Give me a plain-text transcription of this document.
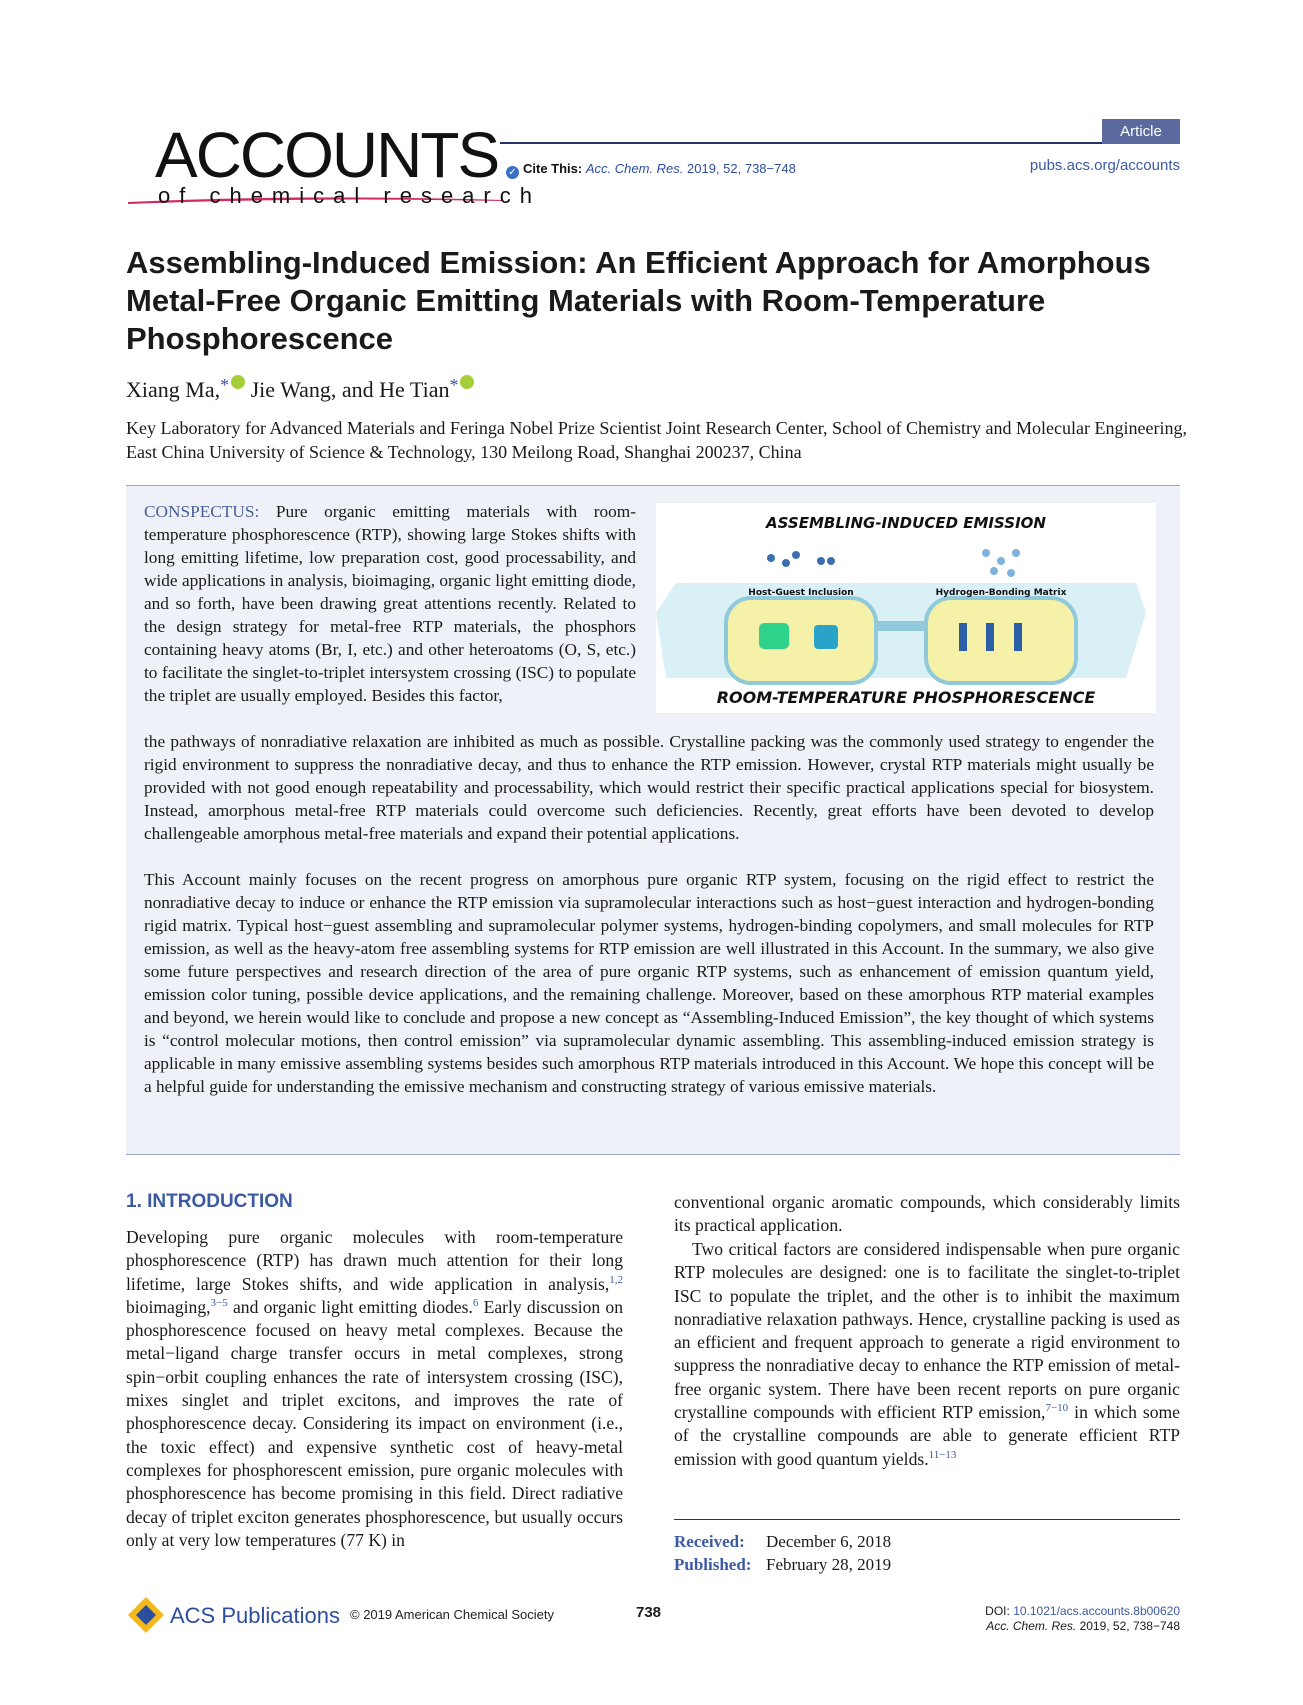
ACCOUNTS
of chemical research
Article
✓ Cite This: Acc. Chem. Res. 2019, 52, 738−748	pubs.acs.org/accounts
Assembling-Induced Emission: An Efficient Approach for Amorphous Metal-Free Organic Emitting Materials with Room-Temperature Phosphorescence
Xiang Ma,* Jie Wang, and He Tian*

Key Laboratory for Advanced Materials and Feringa Nobel Prize Scientist Joint Research Center, School of Chemistry and Molecular Engineering, East China University of Science & Technology, 130 Meilong Road, Shanghai 200237, China

CONSPECTUS: Pure organic emitting materials with room-temperature phosphorescence (RTP), showing large Stokes shifts with long emitting lifetime, low preparation cost, good processability, and wide applications in analysis, bioimaging, organic light emitting diode, and so forth, have been drawing great attentions recently. Related to the design strategy for metal-free RTP materials, the phosphors containing heavy atoms (Br, I, etc.) and other heteroatoms (O, S, etc.) to facilitate the singlet-to-triplet intersystem crossing (ISC) to populate the triplet are usually employed. Besides this factor,

ASSEMBLING-INDUCED EMISSION
Host-Guest Inclusion	Hydrogen-Bonding Matrix
ROOM-TEMPERATURE PHOSPHORESCENCE

the pathways of nonradiative relaxation are inhibited as much as possible. Crystalline packing was the commonly used strategy to engender the rigid environment to suppress the nonradiative decay, and thus to enhance the RTP emission. However, crystal RTP materials might usually be provided with not good enough repeatability and processability, which would restrict their specific practical applications special for biosystem. Instead, amorphous metal-free RTP materials could overcome such deficiencies. Recently, great efforts have been devoted to develop challengeable amorphous metal-free materials and expand their potential applications.

This Account mainly focuses on the recent progress on amorphous pure organic RTP system, focusing on the rigid effect to restrict the nonradiative decay to induce or enhance the RTP emission via supramolecular interactions such as host−guest interaction and hydrogen-bonding rigid matrix. Typical host−guest assembling and supramolecular polymer systems, hydrogen-binding copolymers, and small molecules for RTP emission, as well as the heavy-atom free assembling systems for RTP emission are well illustrated in this Account. In the summary, we also give some future perspectives and research direction of the area of pure organic RTP systems, such as enhancement of emission quantum yield, emission color tuning, possible device applications, and the remaining challenge. Moreover, based on these amorphous RTP material examples and beyond, we herein would like to conclude and propose a new concept as “Assembling-Induced Emission”, the key thought of which systems is “control molecular motions, then control emission” via supramolecular dynamic assembling. This assembling-induced emission strategy is applicable in many emissive assembling systems besides such amorphous RTP materials introduced in this Account. We hope this concept will be a helpful guide for understanding the emissive mechanism and constructing strategy of various emissive materials.

1. INTRODUCTION

Developing pure organic molecules with room-temperature phosphorescence (RTP) has drawn much attention for their long lifetime, large Stokes shifts, and wide application in analysis,$^{1,2}$ bioimaging,$^{3-5}$ and organic light emitting diodes.$^6$ Early discussion on phosphorescence focused on heavy metal complexes. Because the metal−ligand charge transfer occurs in metal complexes, strong spin−orbit coupling enhances the rate of intersystem crossing (ISC), mixes singlet and triplet excitons, and improves the rate of phosphorescence decay. Considering its impact on environment (i.e., the toxic effect) and expensive synthetic cost of heavy-metal complexes for phosphorescent emission, pure organic molecules with phosphorescence has become promising in this field. Direct radiative decay of triplet exciton generates phosphorescence, but usually occurs only at very low temperatures (77 K) in

conventional organic aromatic compounds, which considerably limits its practical application.

Two critical factors are considered indispensable when pure organic RTP molecules are designed: one is to facilitate the singlet-to-triplet ISC to populate the triplet, and the other is to inhibit the maximum nonradiative relaxation pathways. Hence, crystalline packing is used as an efficient and frequent approach to generate a rigid environment to suppress the nonradiative decay to enhance the RTP emission of metal-free organic system. There have been recent reports on pure organic crystalline compounds with efficient RTP emission,$^{7-10}$ in which some of the crystalline compounds are able to generate efficient RTP emission with good quantum yields.$^{11-13}$

Received: December 6, 2018
Published: February 28, 2019
ACS Publications © 2019 American Chemical Society	738	DOI: 10.1021/acs.accounts.8b00620
Acc. Chem. Res. 2019, 52, 738−748
